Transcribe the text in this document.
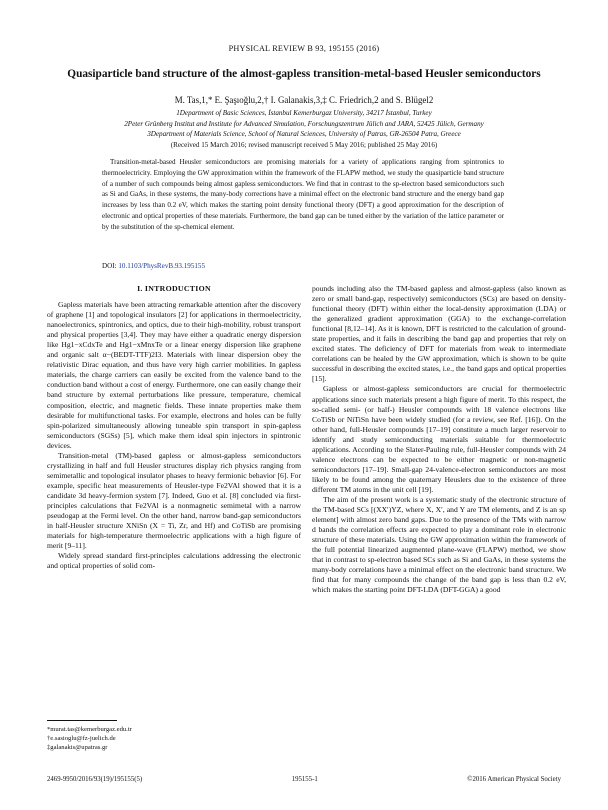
PHYSICAL REVIEW B 93, 195155 (2016)
Quasiparticle band structure of the almost-gapless transition-metal-based Heusler semiconductors
M. Tas,1,* E. Şaşıoğlu,2,† I. Galanakis,3,‡ C. Friedrich,2 and S. Blügel2
1Department of Basic Sciences, İstanbul Kemerburgaz University, 34217 İstanbul, Turkey
2Peter Grünberg Institut and Institute for Advanced Simulation, Forschungszentrum Jülich and JARA, 52425 Jülich, Germany
3Department of Materials Science, School of Natural Sciences, University of Patras, GR-26504 Patra, Greece
(Received 15 March 2016; revised manuscript received 5 May 2016; published 25 May 2016)

Transition-metal-based Heusler semiconductors are promising materials for a variety of applications ranging from spintronics to thermoelectricity. Employing the GW approximation within the framework of the FLAPW method, we study the quasiparticle band structure of a number of such compounds being almost gapless semiconductors. We find that in contrast to the sp-electron based semiconductors such as Si and GaAs, in these systems, the many-body corrections have a minimal effect on the electronic band structure and the energy band gap increases by less than 0.2 eV, which makes the starting point density functional theory (DFT) a good approximation for the description of electronic and optical properties of these materials. Furthermore, the band gap can be tuned either by the variation of the lattice parameter or by the substitution of the sp-chemical element.

DOI: 10.1103/PhysRevB.93.195155
I. INTRODUCTION

Gapless materials have been attracting remarkable attention after the discovery of graphene [1] and topological insulators [2] for applications in thermoelectricity, nanoelectronics, spintronics, and optics, due to their high-mobility, robust transport and physical properties [3,4]. They may have either a quadratic energy dispersion like Hg1−xCdxTe and Hg1−xMnxTe or a linear energy dispersion like graphene and organic salt α−(BEDT-TTF)2I3. Materials with linear dispersion obey the relativistic Dirac equation, and thus have very high carrier mobilities. In gapless materials, the charge carriers can easily be excited from the valence band to the conduction band without a cost of energy. Furthermore, one can easily change their band structure by external perturbations like pressure, temperature, chemical composition, electric, and magnetic fields. These innate properties make them desirable for multifunctional tasks. For example, electrons and holes can be fully spin-polarized simultaneously allowing tuneable spin transport in spin-gapless semiconductors (SGSs) [5], which make them ideal spin injectors in spintronic devices.

Transition-metal (TM)-based gapless or almost-gapless semiconductors crystallizing in half and full Heusler structures display rich physics ranging from semimetallic and topological insulator phases to heavy fermionic behavior [6]. For example, specific heat measurements of Heusler-type Fe2VAl showed that it is a candidate 3d heavy-fermion system [7]. Indeed, Guo et al. [8] concluded via first-principles calculations that Fe2VAl is a nonmagnetic semimetal with a narrow pseudogap at the Fermi level. On the other hand, narrow band-gap semiconductors in half-Heusler structure XNiSn (X = Ti, Zr, and Hf) and CoTiSb are promising materials for high-temperature thermoelectric applications with a high figure of merit [9–11].

Widely spread standard first-principles calculations addressing the electronic and optical properties of solid com-

pounds including also the TM-based gapless and almost-gapless (also known as zero or small band-gap, respectively) semiconductors (SCs) are based on density-functional theory (DFT) within either the local-density approximation (LDA) or the generalized gradient approximation (GGA) to the exchange-correlation functional [8,12–14]. As it is known, DFT is restricted to the calculation of ground-state properties, and it fails in describing the band gap and properties that rely on excited states. The deficiency of DFT for materials from weak to intermediate correlations can be healed by the GW approximation, which is shown to be quite successful in describing the excited states, i.e., the band gaps and optical properties [15].

Gapless or almost-gapless semiconductors are crucial for thermoelectric applications since such materials present a high figure of merit. To this respect, the so-called semi- (or half-) Heusler compounds with 18 valence electrons like CoTiSb or NiTiSn have been widely studied (for a review, see Ref. [16]). On the other hand, full-Heusler compounds [17–19] constitute a much larger reservoir to identify and study semiconducting materials suitable for thermoelectric applications. According to the Slater-Pauling rule, full-Heusler compounds with 24 valence electrons can be expected to be either magnetic or non-magnetic semiconductors [17–19]. Small-gap 24-valence-electron semiconductors are most likely to be found among the quaternary Heuslers due to the existence of three different TM atoms in the unit cell [19].

The aim of the present work is a systematic study of the electronic structure of the TM-based SCs [(XX′)YZ, where X, X′, and Y are TM elements, and Z is an sp element] with almost zero band gaps. Due to the presence of the TMs with narrow d bands the correlation effects are expected to play a dominant role in electronic structure of these materials. Using the GW approximation within the framework of the full potential linearized augmented plane-wave (FLAPW) method, we show that in contrast to sp-electron based SCs such as Si and GaAs, in these systems the many-body correlations have a minimal effect on the electronic band structure. We find that for many compounds the change of the band gap is less than 0.2 eV, which makes the starting point DFT-LDA (DFT-GGA) a good

*murat.tas@kemerburgaz.edu.tr
†e.sasioglu@fz-juelich.de
‡galanakis@upatras.gr
2469-9950/2016/93(19)/195155(5)	195155-1	©2016 American Physical Society
